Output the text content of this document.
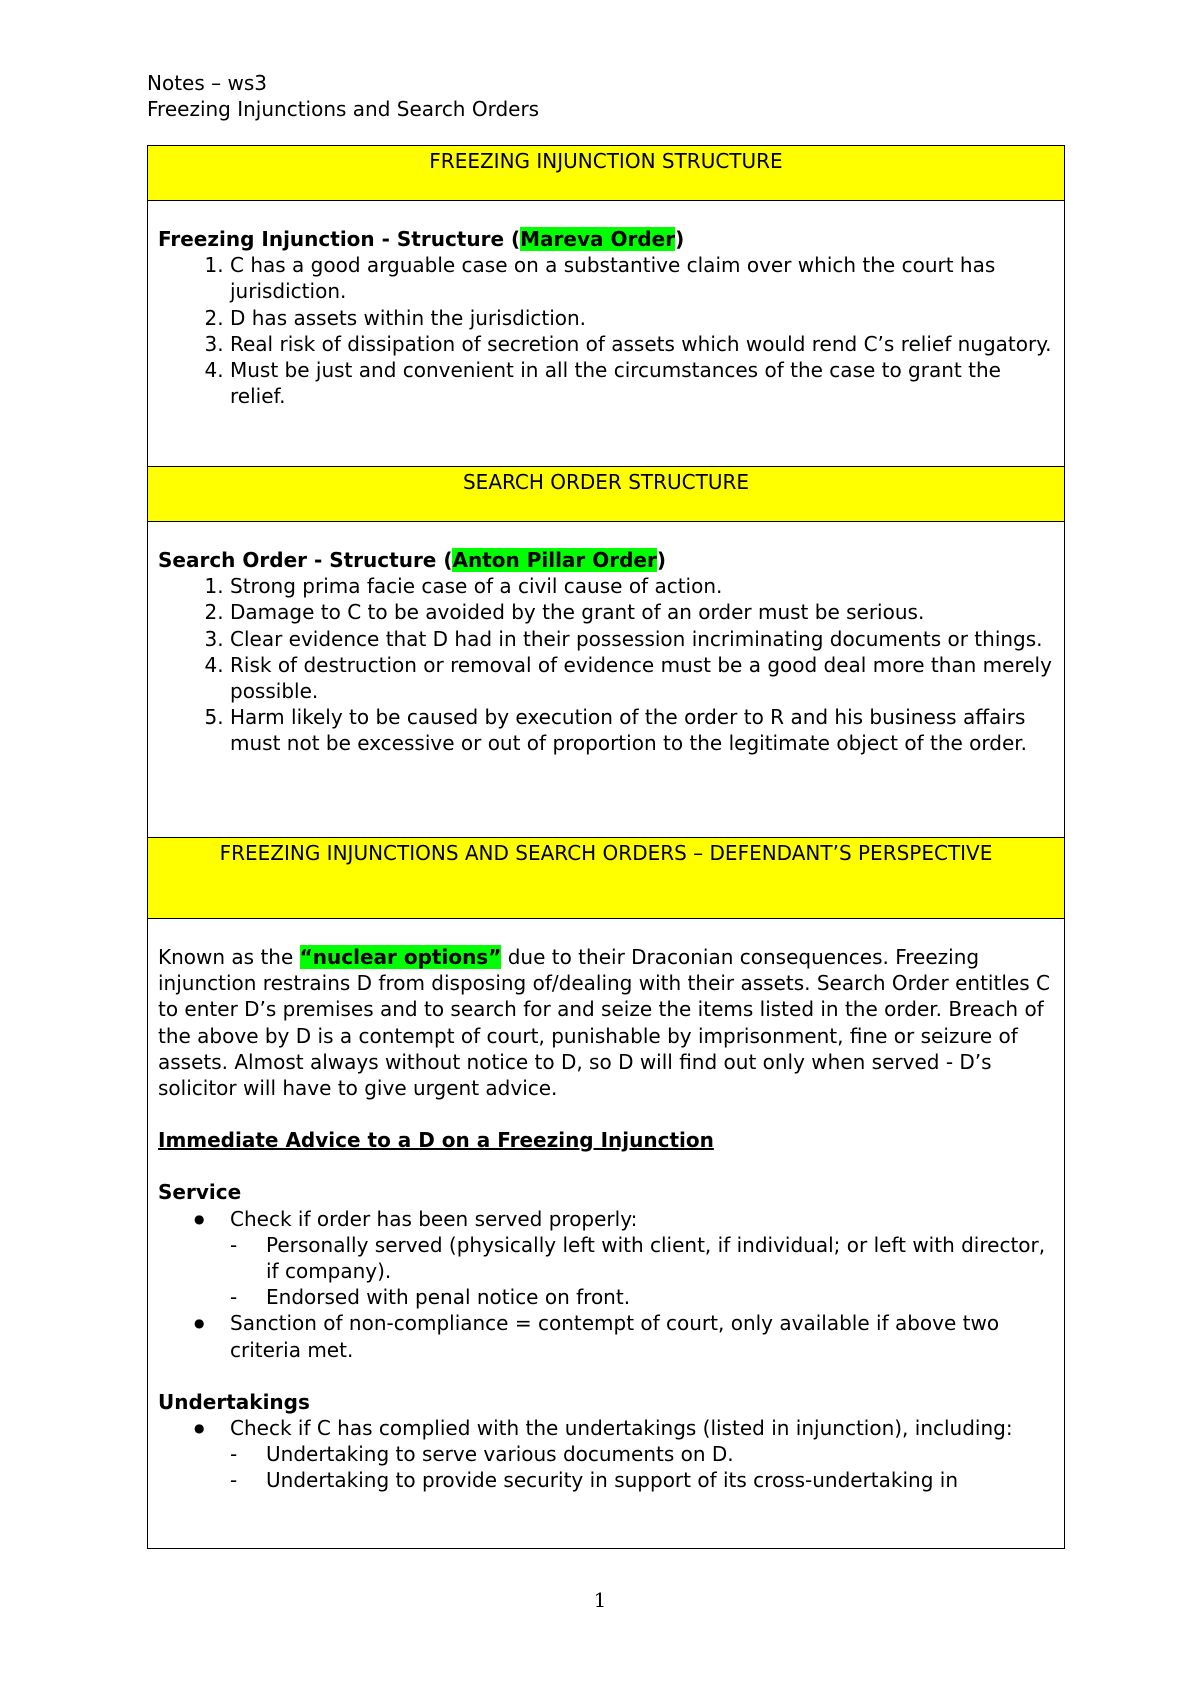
Notes – ws3
Freezing Injunctions and Search Orders
FREEZING INJUNCTION STRUCTURE

Freezing Injunction - Structure (Mareva Order)
1. C has a good arguable case on a substantive claim over which the court has jurisdiction.
2. D has assets within the jurisdiction.
3. Real risk of dissipation of secretion of assets which would rend C’s relief nugatory.
4. Must be just and convenient in all the circumstances of the case to grant the relief.

SEARCH ORDER STRUCTURE

Search Order - Structure (Anton Pillar Order)
1. Strong prima facie case of a civil cause of action.
2. Damage to C to be avoided by the grant of an order must be serious.
3. Clear evidence that D had in their possession incriminating documents or things.
4. Risk of destruction or removal of evidence must be a good deal more than merely possible.
5. Harm likely to be caused by execution of the order to R and his business affairs must not be excessive or out of proportion to the legitimate object of the order.

FREEZING INJUNCTIONS AND SEARCH ORDERS – DEFENDANT’S PERSPECTIVE

Known as the “nuclear options” due to their Draconian consequences. Freezing injunction restrains D from disposing of/dealing with their assets. Search Order entitles C to enter D’s premises and to search for and seize the items listed in the order. Breach of the above by D is a contempt of court, punishable by imprisonment, fine or seizure of assets. Almost always without notice to D, so D will find out only when served - D’s solicitor will have to give urgent advice.
Immediate Advice to a D on a Freezing Injunction
Service
● Check if order has been served properly:
- Personally served (physically left with client, if individual; or left with director, if company).
- Endorsed with penal notice on front.
● Sanction of non-compliance = contempt of court, only available if above two criteria met.
Undertakings
● Check if C has complied with the undertakings (listed in injunction), including:
- Undertaking to serve various documents on D.
- Undertaking to provide security in support of its cross-undertaking in
1
